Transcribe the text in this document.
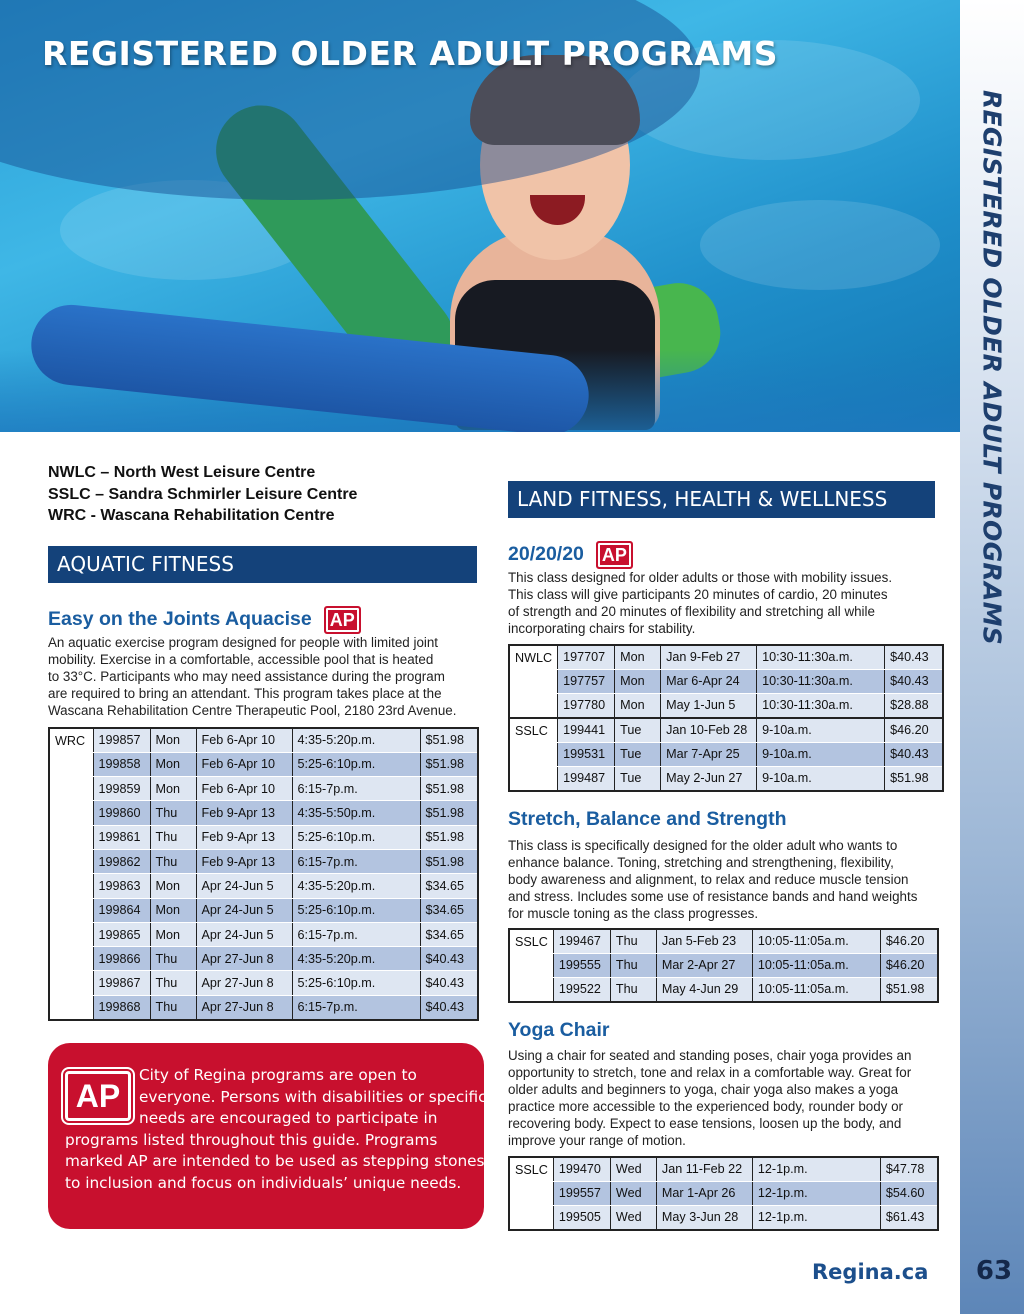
REGISTERED OLDER ADULT PROGRAMS
REGISTERED OLDER ADULT PROGRAMS
Regina.ca	63
NWLC – North West Leisure Centre
SSLC – Sandra Schmirler Leisure Centre
WRC - Wascana Rehabilitation Centre
AQUATIC FITNESS
Easy on the Joints Aquacise AP
An aquatic exercise program designed for people with limited joint
mobility. Exercise in a comfortable, accessible pool that is heated
to 33°C. Participants who may need assistance during the program
are required to bring an attendant. This program takes place at the
Wascana Rehabilitation Centre Therapeutic Pool, 2180 23rd Avenue.
WRC	199857	Mon	Feb 6-Apr 10	4:35-5:20p.m.	$51.98
	199858	Mon	Feb 6-Apr 10	5:25-6:10p.m.	$51.98
	199859	Mon	Feb 6-Apr 10	6:15-7p.m.	$51.98
	199860	Thu	Feb 9-Apr 13	4:35-5:50p.m.	$51.98
	199861	Thu	Feb 9-Apr 13	5:25-6:10p.m.	$51.98
	199862	Thu	Feb 9-Apr 13	6:15-7p.m.	$51.98
	199863	Mon	Apr 24-Jun 5	4:35-5:20p.m.	$34.65
	199864	Mon	Apr 24-Jun 5	5:25-6:10p.m.	$34.65
	199865	Mon	Apr 24-Jun 5	6:15-7p.m.	$34.65
	199866	Thu	Apr 27-Jun 8	4:35-5:20p.m.	$40.43
	199867	Thu	Apr 27-Jun 8	5:25-6:10p.m.	$40.43
	199868	Thu	Apr 27-Jun 8	6:15-7p.m.	$40.43
AP
City of Regina programs are open to
everyone. Persons with disabilities or specific
needs are encouraged to participate in
programs listed throughout this guide. Programs
marked AP are intended to be used as stepping stones
to inclusion and focus on individuals’ unique needs.
LAND FITNESS, HEALTH & WELLNESS
20/20/20 AP
This class designed for older adults or those with mobility issues.
This class will give participants 20 minutes of cardio, 20 minutes
of strength and 20 minutes of flexibility and stretching all while
incorporating chairs for stability.
NWLC	197707	Mon	Jan 9-Feb 27	10:30-11:30a.m.	$40.43
	197757	Mon	Mar 6-Apr 24	10:30-11:30a.m.	$40.43
	197780	Mon	May 1-Jun 5	10:30-11:30a.m.	$28.88
SSLC	199441	Tue	Jan 10-Feb 28	9-10a.m.	$46.20
	199531	Tue	Mar 7-Apr 25	9-10a.m.	$40.43
	199487	Tue	May 2-Jun 27	9-10a.m.	$51.98
Stretch, Balance and Strength
This class is specifically designed for the older adult who wants to
enhance balance. Toning, stretching and strengthening, flexibility,
body awareness and alignment, to relax and reduce muscle tension
and stress. Includes some use of resistance bands and hand weights
for muscle toning as the class progresses.
SSLC	199467	Thu	Jan 5-Feb 23	10:05-11:05a.m.	$46.20
	199555	Thu	Mar 2-Apr 27	10:05-11:05a.m.	$46.20
	199522	Thu	May 4-Jun 29	10:05-11:05a.m.	$51.98
Yoga Chair
Using a chair for seated and standing poses, chair yoga provides an
opportunity to stretch, tone and relax in a comfortable way. Great for
older adults and beginners to yoga, chair yoga also makes a yoga
practice more accessible to the experienced body, rounder body or
recovering body. Expect to ease tensions, loosen up the body, and
improve your range of motion.
SSLC	199470	Wed	Jan 11-Feb 22	12-1p.m.	$47.78
	199557	Wed	Mar 1-Apr 26	12-1p.m.	$54.60
	199505	Wed	May 3-Jun 28	12-1p.m.	$61.43
